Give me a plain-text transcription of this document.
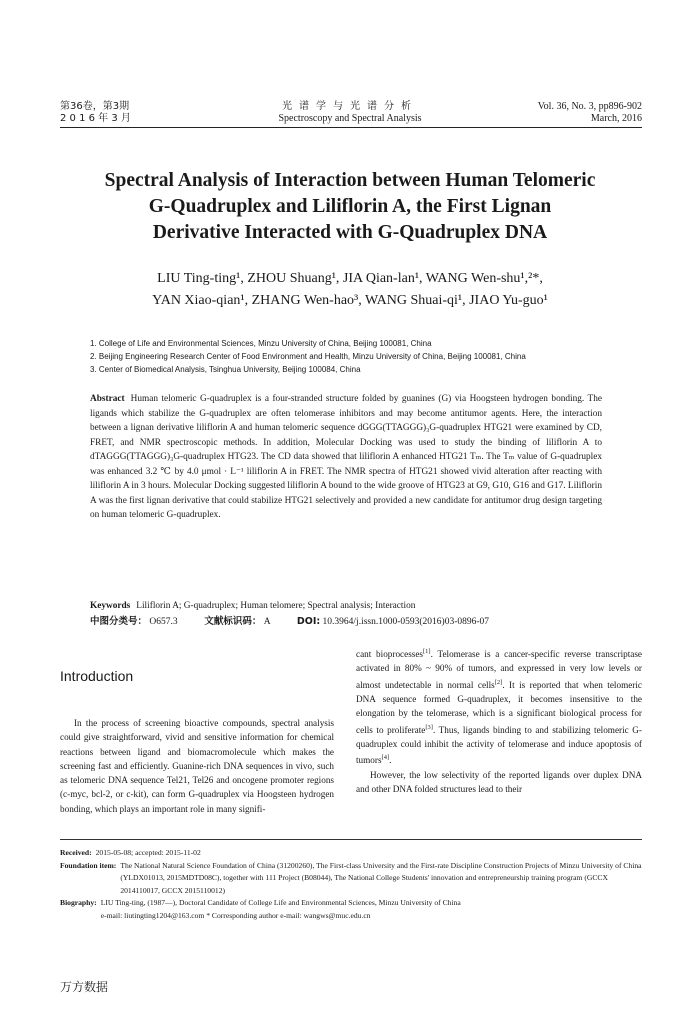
第36卷，第3期
2 0 1 6 年 3 月
光谱学与光谱分析
Spectroscopy and Spectral Analysis
Vol. 36, No. 3, pp896-902
March, 2016
Spectral Analysis of Interaction between Human Telomeric
G-Quadruplex and Liliflorin A, the First Lignan
Derivative Interacted with G-Quadruplex DNA
LIU Ting-ting¹, ZHOU Shuang¹, JIA Qian-lan¹, WANG Wen-shu¹,²*,
YAN Xiao-qian¹, ZHANG Wen-hao³, WANG Shuai-qi¹, JIAO Yu-guo¹
1. College of Life and Environmental Sciences, Minzu University of China, Beijing 100081, China
2. Beijing Engineering Research Center of Food Environment and Health, Minzu University of China, Beijing 100081, China
3. Center of Biomedical Analysis, Tsinghua University, Beijing 100084, China
Abstract Human telomeric G-quadruplex is a four-stranded structure folded by guanines (G) via Hoogsteen hydrogen bonding. The ligands which stabilize the G-quadruplex are often telomerase inhibitors and may become antitumor agents. Here, the interaction between a lignan derivative liliflorin A and human telomeric sequence dGGG(TTAGGG)₃G-quadruplex HTG21 were examined by CD, FRET, and NMR spectroscopic methods. In addition, Molecular Docking was used to study the binding of liliflorin A to dTAGGG(TTAGGG)₃G-quadruplex HTG23. The CD data showed that liliflorin A enhanced HTG21 Tₘ. The Tₘ value of G-quadruplex was enhanced 3.2 ℃ by 4.0 μmol · L⁻¹ liliflorin A in FRET. The NMR spectra of HTG21 showed vivid alteration after reacting with liliflorin A in 3 hours. Molecular Docking suggested liliflorin A bound to the wide groove of HTG23 at G9, G10, G16 and G17. Liliflorin A was the first lignan derivative that could stabilize HTG21 selectively and provided a new candidate for antitumor drug design targeting on human telomeric G-quadruplex.
Keywords Liliflorin A; G-quadruplex; Human telomere; Spectral analysis; Interaction
中图分类号： O657.3	文献标识码： A	DOI: 10.3964/j.issn.1000-0593(2016)03-0896-07
Introduction

In the process of screening bioactive compounds, spectral analysis could give straightforward, vivid and sensitive information for chemical reactions between ligand and biomacromolecule which makes the screening fast and efficiently. Guanine-rich DNA sequences in vivo, such as telomeric DNA sequence Tel21, Tel26 and oncogene promoter regions (c-myc, bcl-2, or c-kit), can form G-quadruplex via Hoogsteen hydrogen bonding, which plays an important role in many signifi-

cant bioprocesses[1]. Telomerase is a cancer-specific reverse transcriptase activated in 80% ~ 90% of tumors, and expressed in very low levels or almost undetectable in normal cells[2]. It is reported that when telomeric DNA sequence formed G-quadruplex, it becomes insensitive to the elongation by the telomerase, which is a significant biological process for cells to proliferate[3]. Thus, ligands binding to and stabilizing telomeric G-quadruplex could inhibit the activity of telomerase and induce apoptosis of tumors[4].

However, the low selectivity of the reported ligands over duplex DNA and other DNA folded structures lead to their

Received: 2015-05-08; accepted: 2015-11-02
Foundation item: The National Natural Science Foundation of China (31200260), The First-class University and the First-rate Discipline Construction Projects of Minzu University of China (YLDX01013, 2015MDTD08C), together with 111 Project (B08044), The National College Students' innovation and entrepreneurship training program (GCCX 2014110017, GCCX 2015110012)
Biography: LIU Ting-ting, (1987—), Doctoral Candidate of College Life and Environmental Sciences, Minzu University of China
e-mail: liutingting1204@163.com * Corresponding author e-mail: wangws@muc.edu.cn
万方数据
